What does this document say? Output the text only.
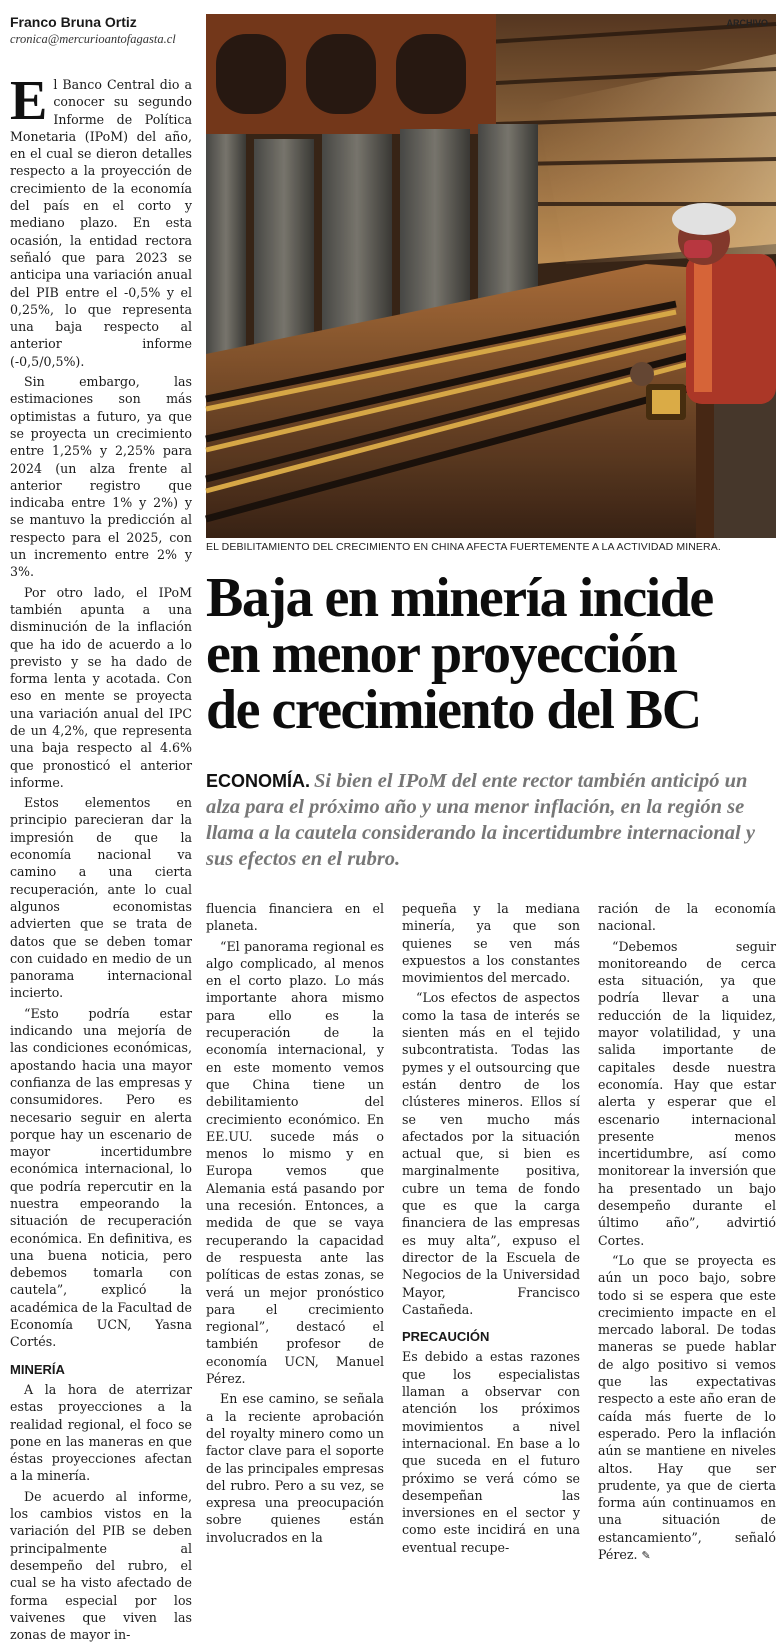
Franco Bruna Ortiz
cronica@mercurioantofagasta.cl

El Banco Central dio a conocer su segundo Informe de Política Monetaria (IPoM) del año, en el cual se dieron detalles respecto a la proyección de crecimiento de la economía del país en el corto y mediano plazo. En esta ocasión, la entidad rectora señaló que para 2023 se anticipa una variación anual del PIB entre el -0,5% y el 0,25%, lo que representa una baja respecto al anterior informe (-0,5/0,5%).

Sin embargo, las estimaciones son más optimistas a futuro, ya que se proyecta un crecimiento entre 1,25% y 2,25% para 2024 (un alza frente al anterior registro que indicaba entre 1% y 2%) y se mantuvo la predicción al respecto para el 2025, con un incremento entre 2% y 3%.

Por otro lado, el IPoM también apunta a una disminución de la inflación que ha ido de acuerdo a lo previsto y se ha dado de forma lenta y acotada. Con eso en mente se proyecta una variación anual del IPC de un 4,2%, que representa una baja respecto al 4.6% que pronosticó el anterior informe.

Estos elementos en principio parecieran dar la impresión de que la economía nacional va camino a una cierta recuperación, ante lo cual algunos economistas advierten que se trata de datos que se deben tomar con cuidado en medio de un panorama internacional incierto.

“Esto podría estar indicando una mejoría de las condiciones económicas, apostando hacia una mayor confianza de las empresas y consumidores. Pero es necesario seguir en alerta porque hay un escenario de mayor incertidumbre económica internacional, lo que podría repercutir en la nuestra empeorando la situación de recuperación económica. En definitiva, es una buena noticia, pero debemos tomarla con cautela”, explicó la académica de la Facultad de Economía UCN, Yasna Cortés.

MINERÍA

A la hora de aterrizar estas proyecciones a la realidad regional, el foco se pone en las maneras en que éstas proyecciones afectan a la minería.

De acuerdo al informe, los cambios vistos en la variación del PIB se deben principalmente al desempeño del rubro, el cual se ha visto afectado de forma especial por los vaivenes que viven las zonas de mayor in-

ARCHIVO
EL DEBILITAMIENTO DEL CRECIMIENTO EN CHINA AFECTA FUERTEMENTE A LA ACTIVIDAD MINERA.
Baja en minería incide
en menor proyección
de crecimiento del BC
ECONOMÍA. Si bien el IPoM del ente rector también anticipó un alza para el próximo año y una menor inflación, en la región se llama a la cautela considerando la incertidumbre internacional y sus efectos en el rubro.

fluencia financiera en el planeta.

“El panorama regional es algo complicado, al menos en el corto plazo. Lo más importante ahora mismo para ello es la recuperación de la economía internacional, y en este momento vemos que China tiene un debilitamiento del crecimiento económico. En EE.UU. sucede más o menos lo mismo y en Europa vemos que Alemania está pasando por una recesión. Entonces, a medida de que se vaya recuperando la capacidad de respuesta ante las políticas de estas zonas, se verá un mejor pronóstico para el crecimiento regional”, destacó el también profesor de economía UCN, Manuel Pérez.

En ese camino, se señala a la reciente aprobación del royalty minero como un factor clave para el soporte de las principales empresas del rubro. Pero a su vez, se expresa una preocupación sobre quienes están involucrados en la

pequeña y la mediana minería, ya que son quienes se ven más expuestos a los constantes movimientos del mercado.

“Los efectos de aspectos como la tasa de interés se sienten más en el tejido subcontratista. Todas las pymes y el outsourcing que están dentro de los clústeres mineros. Ellos sí se ven mucho más afectados por la situación actual que, si bien es marginalmente positiva, cubre un tema de fondo que es que la carga financiera de las empresas es muy alta”, expuso el director de la Escuela de Negocios de la Universidad Mayor, Francisco Castañeda.

PRECAUCIÓN

Es debido a estas razones que los especialistas llaman a observar con atención los próximos movimientos a nivel internacional. En base a lo que suceda en el futuro próximo se verá cómo se desempeñan las inversiones en el sector y como este incidirá en una eventual recupe-

ración de la economía nacional.

“Debemos seguir monitoreando de cerca esta situación, ya que podría llevar a una reducción de la liquidez, mayor volatilidad, y una salida importante de capitales desde nuestra economía. Hay que estar alerta y esperar que el escenario internacional presente menos incertidumbre, así como monitorear la inversión que ha presentado un bajo desempeño durante el último año”, advirtió Cortes.

“Lo que se proyecta es aún un poco bajo, sobre todo si se espera que este crecimiento impacte en el mercado laboral. De todas maneras se puede hablar de algo positivo si vemos que las expectativas respecto a este año eran de caída más fuerte de lo esperado. Pero la inflación aún se mantiene en niveles altos. Hay que ser prudente, ya que de cierta forma aún continuamos en una situación de estancamiento”, señaló Pérez. ✎
